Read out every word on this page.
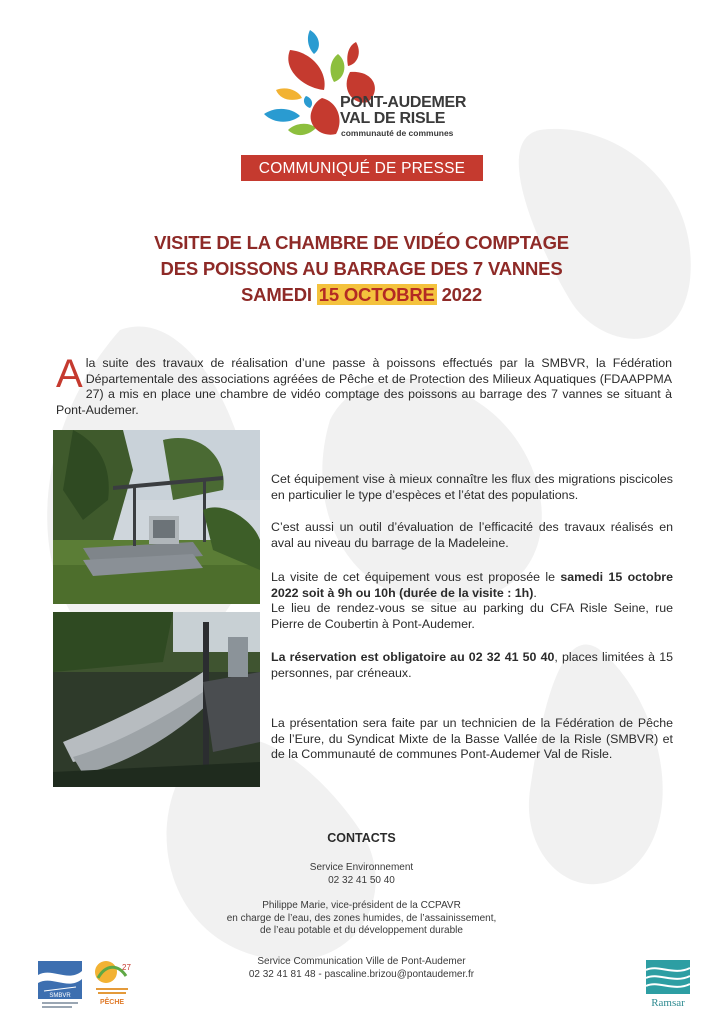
PONT-AUDEMER
VAL DE RISLE
communauté de communes
COMMUNIQUÉ DE PRESSE
VISITE DE LA CHAMBRE DE VIDÉO COMPTAGE
DES POISSONS AU BARRAGE DES 7 VANNES
SAMEDI 15 OCTOBRE 2022
Ala suite des travaux de réalisation d’une passe à poissons effectués par la SMBVR, la Fédération Départementale des associations agréées de Pêche et de Protection des Milieux Aquatiques (FDAAPPMA 27) a mis en place une chambre de vidéo comptage des poissons au barrage des 7 vannes se situant à Pont-Audemer.
Cet équipement vise à mieux connaître les flux des migrations piscicoles en particulier le type d’espèces et l’état des populations.
C’est aussi un outil d’évaluation de l’efficacité des travaux réalisés en aval au niveau du barrage de la Madeleine.
La visite de cet équipement vous est proposée le samedi 15 octobre 2022 soit à 9h ou 10h (durée de la visite : 1h).
Le lieu de rendez-vous se situe au parking du CFA Risle Seine, rue Pierre de Coubertin à Pont-Audemer.
La réservation est obligatoire au 02 32 41 50 40, places limitées à 15 personnes, par créneaux.
La présentation sera faite par un technicien de la Fédération de Pêche de l’Eure, du Syndicat Mixte de la Basse Vallée de la Risle (SMBVR) et de la Communauté de communes Pont-Audemer Val de Risle.
CONTACTS
Service Environnement
02 32 41 50 40
Philippe Marie, vice-président de la CCPAVR
en charge de l’eau, des zones humides, de l’assainissement,
de l’eau potable et du développement durable
Service Communication Ville de Pont-Audemer
02 32 41 81 48 - pascaline.brizou@pontaudemer.fr
SMBVR
27
PÊCHE	Ramsar
